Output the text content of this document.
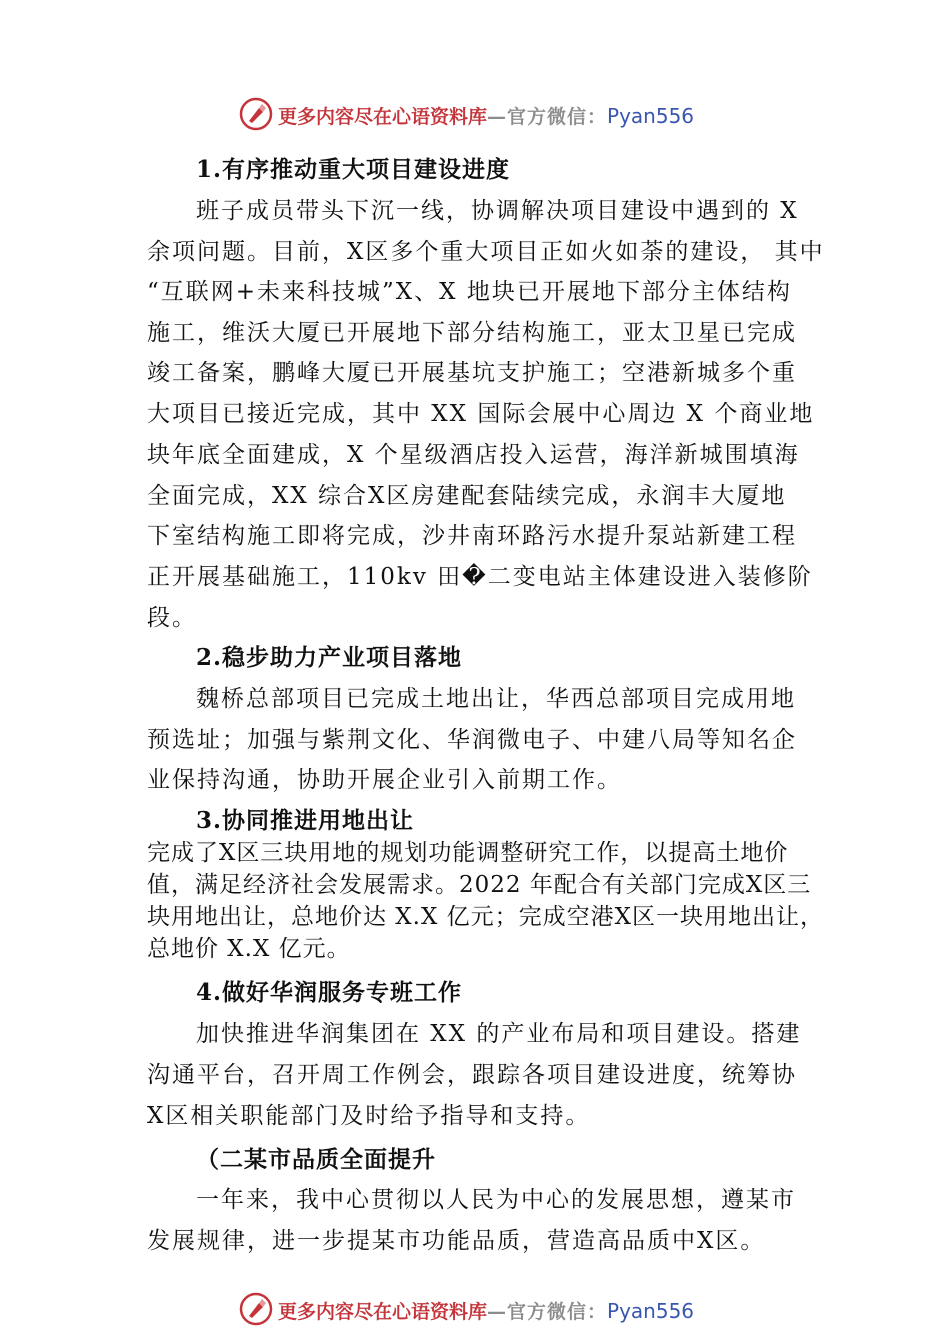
更多内容尽在心语资料库—官方微信：Pyan556
1.有序推动重大项目建设进度
班子成员带头下沉一线，协调解决项目建设中遇到的 X
余项问题。目前，X区多个重大项目正如火如荼的建设， 其中
“互联网+未来科技城”X、X 地块已开展地下部分主体结构
施工，维沃大厦已开展地下部分结构施工，亚太卫星已完成
竣工备案，鹏峰大厦已开展基坑支护施工；空港新城多个重
大项目已接近完成，其中 XX 国际会展中心周边 X 个商业地
块年底全面建成，X 个星级酒店投入运营，海洋新城围填海
全面完成，XX 综合X区房建配套陆续完成，永润丰大厦地
下室结构施工即将完成，沙井南环路污水提升泵站新建工程
正开展基础施工，110kv 田�二变电站主体建设进入装修阶
段。
2.稳步助力产业项目落地
魏桥总部项目已完成土地出让，华西总部项目完成用地
预选址；加强与紫荆文化、华润微电子、中建八局等知名企
业保持沟通，协助开展企业引入前期工作。
3.协同推进用地出让
完成了X区三块用地的规划功能调整研究工作，以提高土地价
值，满足经济社会发展需求。2022 年配合有关部门完成X区三
块用地出让，总地价达 X.X 亿元；完成空港X区一块用地出让，
总地价 X.X 亿元。
4.做好华润服务专班工作
加快推进华润集团在 XX 的产业布局和项目建设。搭建
沟通平台，召开周工作例会，跟踪各项目建设进度，统筹协
X区相关职能部门及时给予指导和支持。
（二某市品质全面提升
一年来，我中心贯彻以人民为中心的发展思想，遵某市
发展规律，进一步提某市功能品质，营造高品质中X区。
更多内容尽在心语资料库—官方微信：Pyan556
